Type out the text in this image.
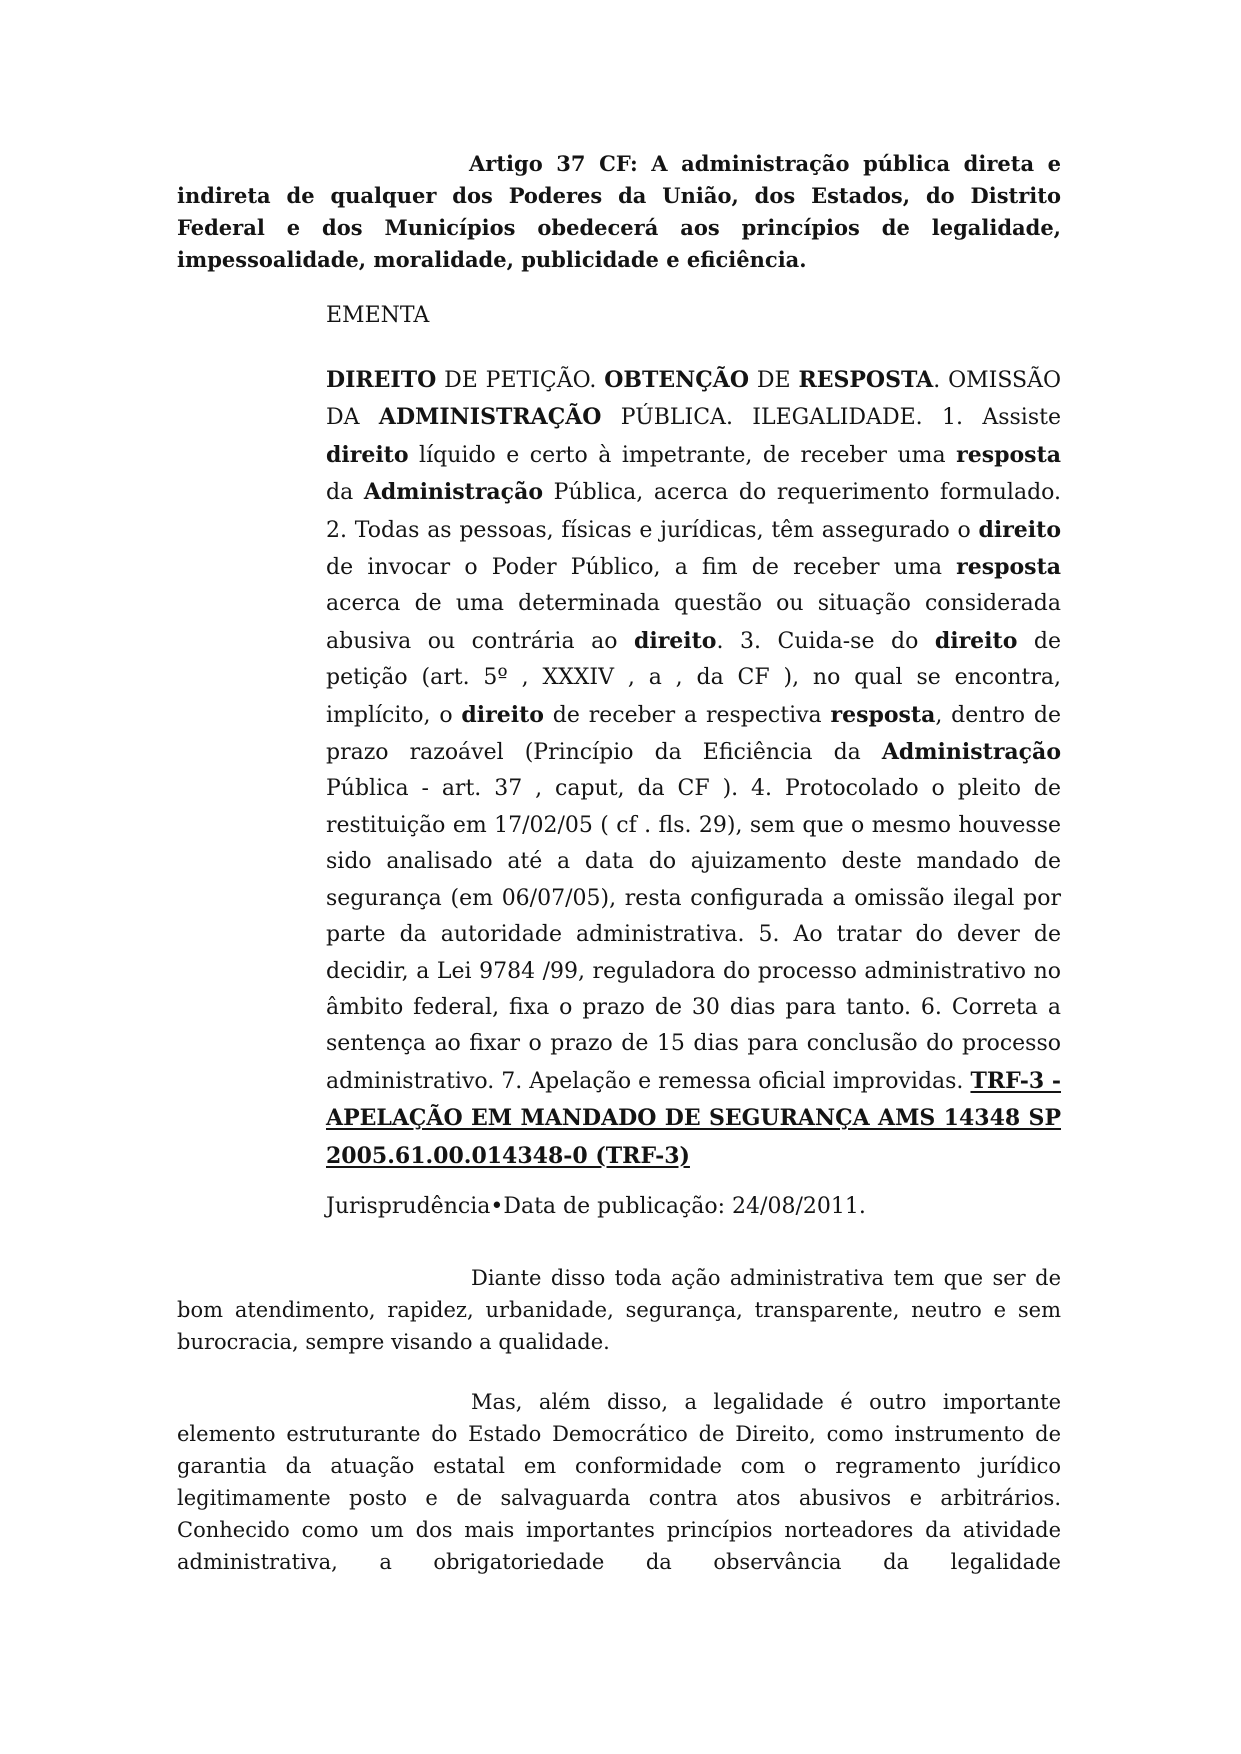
Artigo 37 CF: A administração pública direta e indireta de qualquer dos Poderes da União, dos Estados, do Distrito Federal e dos Municípios obedecerá aos princípios de legalidade, impessoalidade, moralidade, publicidade e eficiência.

EMENTA

DIREITO DE PETIÇÃO. OBTENÇÃO DE RESPOSTA. OMISSÃO DA ADMINISTRAÇÃO PÚBLICA. ILEGALIDADE. 1. Assiste direito líquido e certo à impetrante, de receber uma resposta da Administração Pública, acerca do requerimento formulado. 2. Todas as pessoas, físicas e jurídicas, têm assegurado o direito de invocar o Poder Público, a fim de receber uma resposta acerca de uma determinada questão ou situação considerada abusiva ou contrária ao direito. 3. Cuida-se do direito de petição (art. 5º , XXXIV , a , da CF ), no qual se encontra, implícito, o direito de receber a respectiva resposta, dentro de prazo razoável (Princípio da Eficiência da Administração Pública - art. 37 , caput, da CF ). 4. Protocolado o pleito de restituição em 17/02/05 ( cf . fls. 29), sem que o mesmo houvesse sido analisado até a data do ajuizamento deste mandado de segurança (em 06/07/05), resta configurada a omissão ilegal por parte da autoridade administrativa. 5. Ao tratar do dever de decidir, a Lei 9784 /99, reguladora do processo administrativo no âmbito federal, fixa o prazo de 30 dias para tanto. 6. Correta a sentença ao fixar o prazo de 15 dias para conclusão do processo administrativo. 7. Apelação e remessa oficial improvidas. TRF-3 - APELAÇÃO EM MANDADO DE SEGURANÇA AMS 14348 SP 2005.61.00.014348-0 (TRF-3)

Jurisprudência•Data de publicação: 24/08/2011.

Diante disso toda ação administrativa tem que ser de bom atendimento, rapidez, urbanidade, segurança, transparente, neutro e sem burocracia, sempre visando a qualidade.

Mas, além disso, a legalidade é outro importante elemento estruturante do Estado Democrático de Direito, como instrumento de garantia da atuação estatal em conformidade com o regramento jurídico legitimamente posto e de salvaguarda contra atos abusivos e arbitrários. Conhecido como um dos mais importantes princípios norteadores da atividade administrativa, a obrigatoriedade da observância da legalidade
